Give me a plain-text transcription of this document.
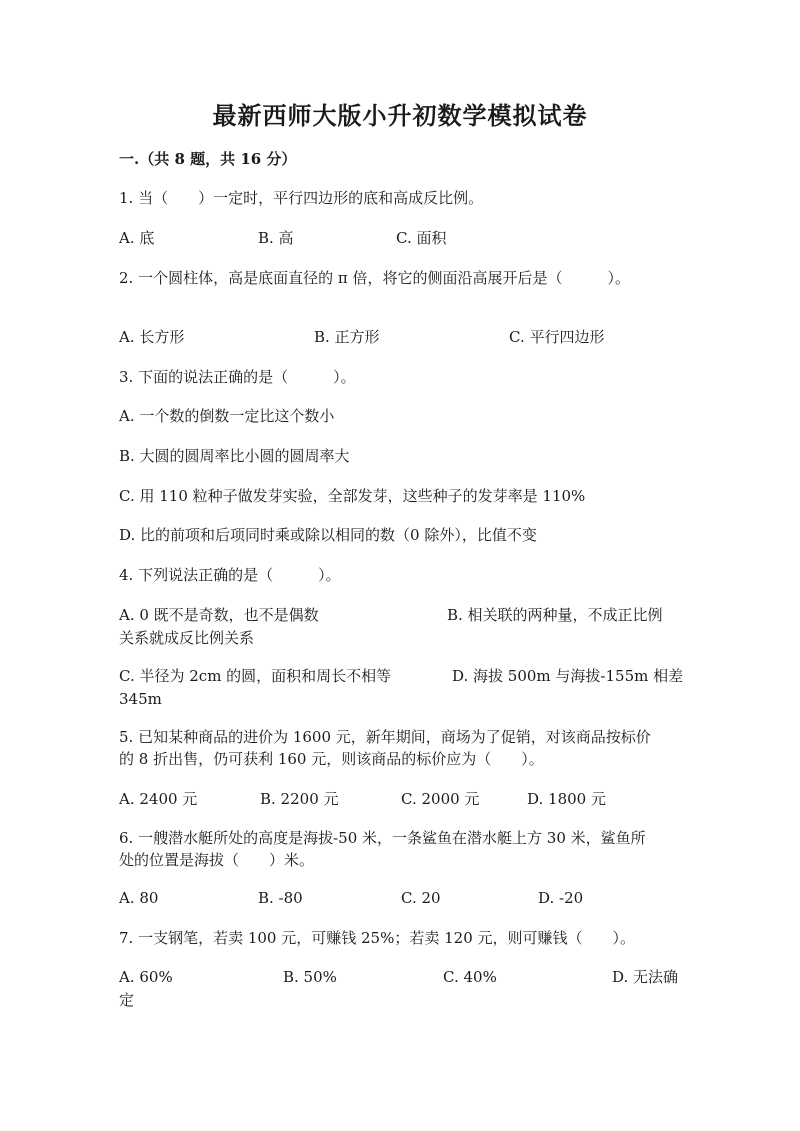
最新西师大版小升初数学模拟试卷
一.（共 8 题，共 16 分）
1. 当（　　）一定时，平行四边形的底和高成反比例。
A. 底	B. 高	C. 面积
2. 一个圆柱体，高是底面直径的 π 倍，将它的侧面沿高展开后是（　　　）。
A. 长方形	B. 正方形	C. 平行四边形
3. 下面的说法正确的是（　　　）。
A. 一个数的倒数一定比这个数小
B. 大圆的圆周率比小圆的圆周率大
C. 用 110 粒种子做发芽实验，全部发芽，这些种子的发芽率是 110%
D. 比的前项和后项同时乘或除以相同的数（0 除外），比值不变
4. 下列说法正确的是（　　　）。
A. 0 既不是奇数，也不是偶数	B. 相关联的两种量，不成正比例
关系就成反比例关系
C. 半径为 2cm 的圆，面积和周长不相等	D. 海拔 500m 与海拔-155m 相差
345m
5. 已知某种商品的进价为 1600 元，新年期间，商场为了促销，对该商品按标价
的 8 折出售，仍可获利 160 元，则该商品的标价应为（　　）。
A. 2400 元	B. 2200 元	C. 2000 元	D. 1800 元
6. 一艘潜水艇所处的高度是海拔-50 米，一条鲨鱼在潜水艇上方 30 米，鲨鱼所
处的位置是海拔（　　）米。
A. 80	B. -80	C. 20	D. -20
7. 一支钢笔，若卖 100 元，可赚钱 25%；若卖 120 元，则可赚钱（　　）。
A. 60%	B. 50%	C. 40%	D. 无法确
定
